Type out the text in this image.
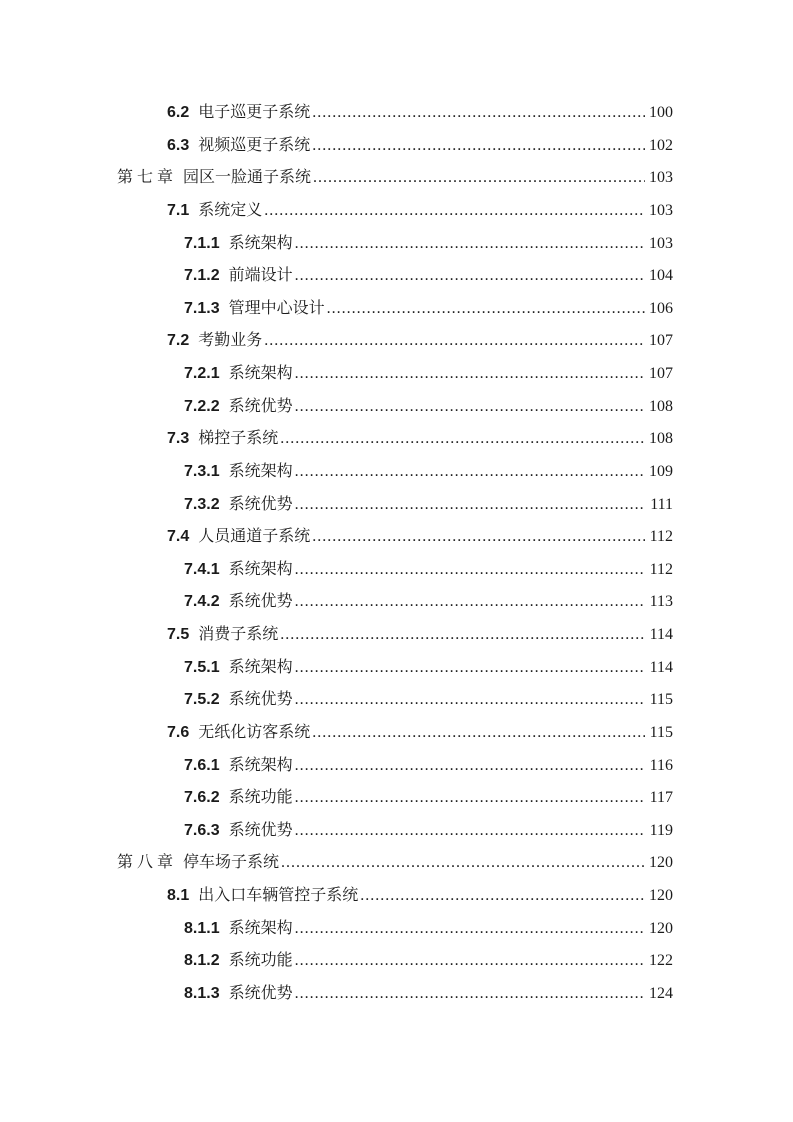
6.2 电子巡更子系统 .....	100
6.3 视频巡更子系统 .....	102
第 七 章 园区一脸通子系统 .....	103
7.1 系统定义 .....	103
7.1.1 系统架构 .....	103
7.1.2 前端设计 .....	104
7.1.3 管理中心设计 .....	106
7.2 考勤业务 .....	107
7.2.1 系统架构 .....	107
7.2.2 系统优势 .....	108
7.3 梯控子系统 .....	108
7.3.1 系统架构 .....	109
7.3.2 系统优势 .....	111
7.4 人员通道子系统 .....	112
7.4.1 系统架构 .....	112
7.4.2 系统优势 .....	113
7.5 消费子系统 .....	114
7.5.1 系统架构 .....	114
7.5.2 系统优势 .....	115
7.6 无纸化访客系统 .....	115
7.6.1 系统架构 .....	116
7.6.2 系统功能 .....	117
7.6.3 系统优势 .....	119
第 八 章 停车场子系统 .....	120
8.1 出入口车辆管控子系统 .....	120
8.1.1 系统架构 .....	120
8.1.2 系统功能 .....	122
8.1.3 系统优势 .....	124
